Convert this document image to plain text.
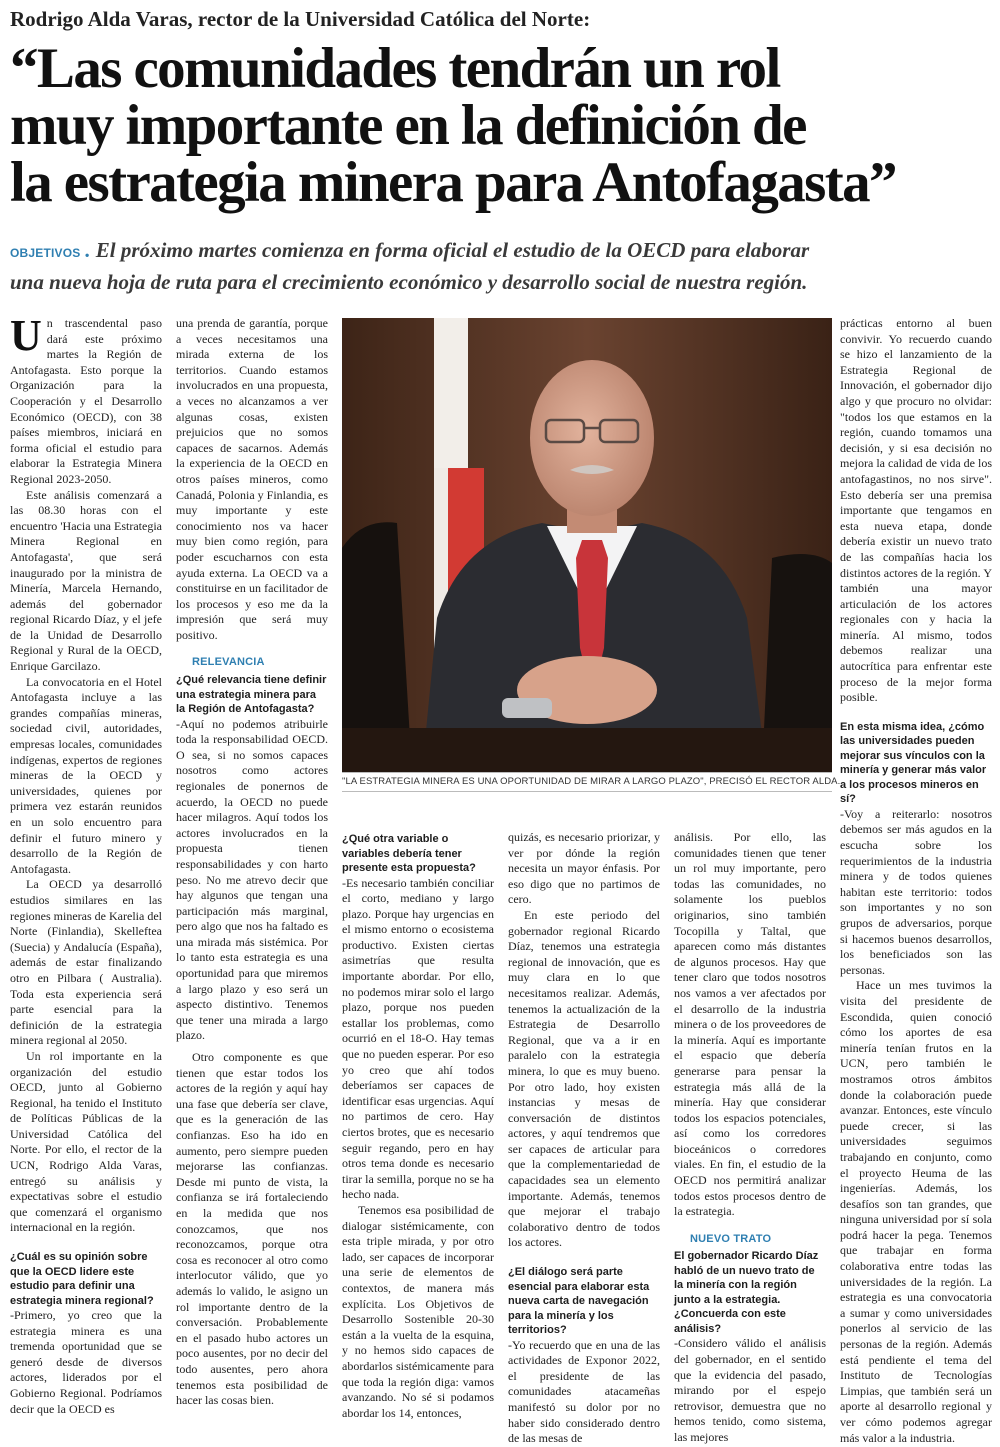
Rodrigo Alda Varas, rector de la Universidad Católica del Norte:
“Las comunidades tendrán un rol
muy importante en la definición de
la estrategia minera para Antofagasta”
OBJETIVOS . El próximo martes comienza en forma oficial el estudio de la OECD para elaborar
una nueva hoja de ruta para el crecimiento económico y desarrollo social de nuestra región.

Un trascendental paso dará este próximo martes la Región de Antofagasta. Esto porque la Organización para la Cooperación y el Desarrollo Económico (OECD), con 38 países miembros, iniciará en forma oficial el estudio para elaborar la Estrategia Minera Regional 2023-2050.

Este análisis comenzará a las 08.30 horas con el encuentro 'Hacia una Estrategia Minera Regional en Antofagasta', que será inaugurado por la ministra de Minería, Marcela Hernando, además del gobernador regional Ricardo Díaz, y el jefe de la Unidad de Desarrollo Regional y Rural de la OECD, Enrique Garcilazo.

La convocatoria en el Hotel Antofagasta incluye a las grandes compañías mineras, sociedad civil, autoridades, empresas locales, comunidades indígenas, expertos de regiones mineras de la OECD y universidades, quienes por primera vez estarán reunidos en un solo encuentro para definir el futuro minero y desarrollo de la Región de Antofagasta.

La OECD ya desarrolló estudios similares en las regiones mineras de Karelia del Norte (Finlandia), Skelleftea (Suecia) y Andalucía (España), además de estar finalizando otro en Pilbara ( Australia). Toda esta experiencia será parte esencial para la definición de la estrategia minera regional al 2050.

Un rol importante en la organización del estudio OECD, junto al Gobierno Regional, ha tenido el Instituto de Políticas Públicas de la Universidad Católica del Norte. Por ello, el rector de la UCN, Rodrigo Alda Varas, entregó su análisis y expectativas sobre el estudio que comenzará el organismo internacional en la región.

¿Cuál es su opinión sobre que la OECD lidere este estudio para definir una estrategia minera regional?

-Primero, yo creo que la estrategia minera es una tremenda oportunidad que se generó desde de diversos actores, liderados por el Gobierno Regional. Podríamos decir que la OECD es

una prenda de garantía, porque a veces necesitamos una mirada externa de los territorios. Cuando estamos involucrados en una propuesta, a veces no alcanzamos a ver algunas cosas, existen prejuicios que no somos capaces de sacarnos. Además la experiencia de la OECD en otros países mineros, como Canadá, Polonia y Finlandia, es muy importante y este conocimiento nos va hacer muy bien como región, para poder escucharnos con esta ayuda externa. La OECD va a constituirse en un facilitador de los procesos y eso me da la impresión que será muy positivo.

RELEVANCIA

¿Qué relevancia tiene definir una estrategia minera para la Región de Antofagasta?

-Aquí no podemos atribuirle toda la responsabilidad OECD. O sea, si no somos capaces nosotros como actores regionales de ponernos de acuerdo, la OECD no puede hacer milagros. Aquí todos los actores involucrados en la propuesta tienen responsabilidades y con harto peso. No me atrevo decir que hay algunos que tengan una participación más marginal, pero algo que nos ha faltado es una mirada más sistémica. Por lo tanto esta estrategia es una oportunidad para que miremos a largo plazo y eso será un aspecto distintivo. Tenemos que tener una mirada a largo plazo.

Otro componente es que tienen que estar todos los actores de la región y aquí hay una fase que debería ser clave, que es la generación de las confianzas. Eso ha ido en aumento, pero siempre pueden mejorarse las confianzas. Desde mi punto de vista, la confianza se irá fortaleciendo en la medida que nos conozcamos, que nos reconozcamos, porque otra cosa es reconocer al otro como interlocutor válido, que yo además lo valido, le asigno un rol importante dentro de la conversación. Probablemente en el pasado hubo actores un poco ausentes, por no decir del todo ausentes, pero ahora tenemos esta posibilidad de hacer las cosas bien.

"LA ESTRATEGIA MINERA ES UNA OPORTUNIDAD DE MIRAR A LARGO PLAZO", PRECISÓ EL RECTOR ALDA.

¿Qué otra variable o variables debería tener presente esta propuesta?

-Es necesario también conciliar el corto, mediano y largo plazo. Porque hay urgencias en el mismo entorno o ecosistema productivo. Existen ciertas asimetrías que resulta importante abordar. Por ello, no podemos mirar solo el largo plazo, porque nos pueden estallar los problemas, como ocurrió en el 18-O. Hay temas que no pueden esperar. Por eso yo creo que ahí todos deberíamos ser capaces de identificar esas urgencias. Aquí no partimos de cero. Hay ciertos brotes, que es necesario seguir regando, pero en hay otros tema donde es necesario tirar la semilla, porque no se ha hecho nada.

Tenemos esa posibilidad de dialogar sistémicamente, con esta triple mirada, y por otro lado, ser capaces de incorporar una serie de elementos de contextos, de manera más explícita. Los Objetivos de Desarrollo Sostenible 20-30 están a la vuelta de la esquina, y no hemos sido capaces de abordarlos sistémicamente para que toda la región diga: vamos avanzando. No sé si podamos abordar los 14, entonces,

quizás, es necesario priorizar, y ver por dónde la región necesita un mayor énfasis. Por eso digo que no partimos de cero.

En este periodo del gobernador regional Ricardo Díaz, tenemos una estrategia regional de innovación, que es muy clara en lo que necesitamos realizar. Además, tenemos la actualización de la Estrategia de Desarrollo Regional, que va a ir en paralelo con la estrategia minera, lo que es muy bueno. Por otro lado, hoy existen instancias y mesas de conversación de distintos actores, y aquí tendremos que ser capaces de articular para que la complementariedad de capacidades sea un elemento importante. Además, tenemos que mejorar el trabajo colaborativo dentro de todos los actores.

¿El diálogo será parte esencial para elaborar esta nueva carta de navegación para la minería y los territorios?

-Yo recuerdo que en una de las actividades de Exponor 2022, el presidente de las comunidades atacameñas manifestó su dolor por no haber sido considerado dentro de las mesas de

análisis. Por ello, las comunidades tienen que tener un rol muy importante, pero todas las comunidades, no solamente los pueblos originarios, sino también Tocopilla y Taltal, que aparecen como más distantes de algunos procesos. Hay que tener claro que todos nosotros nos vamos a ver afectados por el desarrollo de la industria minera o de los proveedores de la minería. Aquí es importante el espacio que debería generarse para pensar la estrategia más allá de la minería. Hay que considerar todos los espacios potenciales, así como los corredores bioceánicos o corredores viales. En fin, el estudio de la OECD nos permitirá analizar todos estos procesos dentro de la estrategia.

NUEVO TRATO

El gobernador Ricardo Díaz habló de un nuevo trato de la minería con la región junto a la estrategia. ¿Concuerda con este análisis?

-Considero válido el análisis del gobernador, en el sentido que la evidencia del pasado, mirando por el espejo retrovisor, demuestra que no hemos tenido, como sistema, las mejores

prácticas entorno al buen convivir. Yo recuerdo cuando se hizo el lanzamiento de la Estrategia Regional de Innovación, el gobernador dijo algo y que procuro no olvidar: "todos los que estamos en la región, cuando tomamos una decisión, y si esa decisión no mejora la calidad de vida de los antofagastinos, no nos sirve". Esto debería ser una premisa importante que tengamos en esta nueva etapa, donde debería existir un nuevo trato de las compañías hacia los distintos actores de la región. Y también una mayor articulación de los actores regionales con y hacia la minería. Al mismo, todos debemos realizar una autocrítica para enfrentar este proceso de la mejor forma posible.

En esta misma idea, ¿cómo las universidades pueden mejorar sus vínculos con la minería y generar más valor a los procesos mineros en sí?

-Voy a reiterarlo: nosotros debemos ser más agudos en la escucha sobre los requerimientos de la industria minera y de todos quienes habitan este territorio: todos son importantes y no son grupos de adversarios, porque si hacemos buenos desarrollos, los beneficiados son las personas.

Hace un mes tuvimos la visita del presidente de Escondida, quien conoció cómo los aportes de esa minería tenían frutos en la UCN, pero también le mostramos otros ámbitos donde la colaboración puede avanzar. Entonces, este vínculo puede crecer, si las universidades seguimos trabajando en conjunto, como el proyecto Heuma de las ingenierías. Además, los desafíos son tan grandes, que ninguna universidad por sí sola podrá hacer la pega. Tenemos que trabajar en forma colaborativa entre todas las universidades de la región. La estrategia es una convocatoria a sumar y como universidades ponerlos al servicio de las personas de la región. Además está pendiente el tema del Instituto de Tecnologías Limpias, que también será un aporte al desarrollo regional y ver cómo podemos agregar más valor a la industria.
